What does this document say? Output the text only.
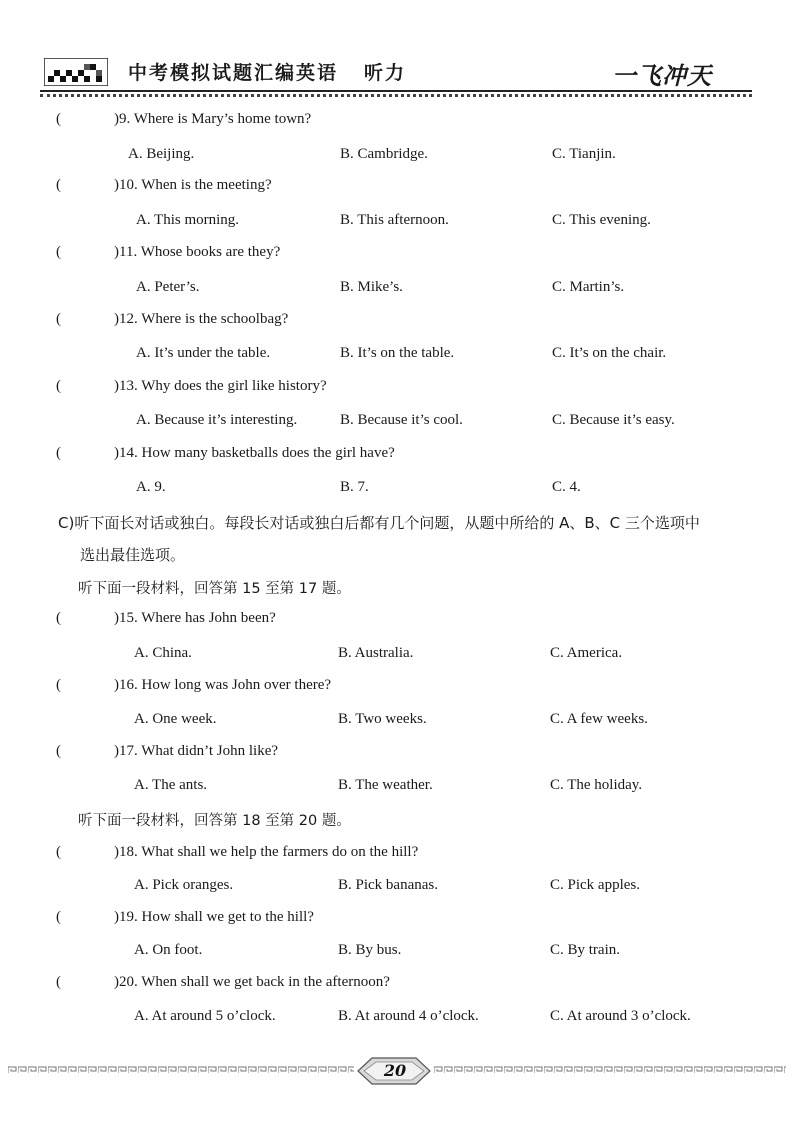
中考模拟试题汇编英语 听力	一飞冲天
(	)9. Where is Mary’s home town?
A. Beijing.	B. Cambridge.	C. Tianjin.
(	)10. When is the meeting?
A. This morning.	B. This afternoon.	C. This evening.
(	)11. Whose books are they?
A. Peter’s.	B. Mike’s.	C. Martin’s.
(	)12. Where is the schoolbag?
A. It’s under the table.	B. It’s on the table.	C. It’s on the chair.
(	)13. Why does the girl like history?
A. Because it’s interesting.	B. Because it’s cool.	C. Because it’s easy.
(	)14. How many basketballs does the girl have?
A. 9.	B. 7.	C. 4.
C)听下面长对话或独白。每段长对话或独白后都有几个问题，从题中所给的 A、B、C 三个选项中
选出最佳选项。
听下面一段材料，回答第 15 至第 17 题。
(	)15. Where has John been?
A. China.	B. Australia.	C. America.
(	)16. How long was John over there?
A. One week.	B. Two weeks.	C. A few weeks.
(	)17. What didn’t John like?
A. The ants.	B. The weather.	C. The holiday.
听下面一段材料，回答第 18 至第 20 题。
(	)18. What shall we help the farmers do on the hill?
A. Pick oranges.	B. Pick bananas.	C. Pick apples.
(	)19. How shall we get to the hill?
A. On foot.	B. By bus.	C. By train.
(	)20. When shall we get back in the afternoon?
A. At around 5 o’clock.	B. At around 4 o’clock.	C. At around 3 o’clock.
20
